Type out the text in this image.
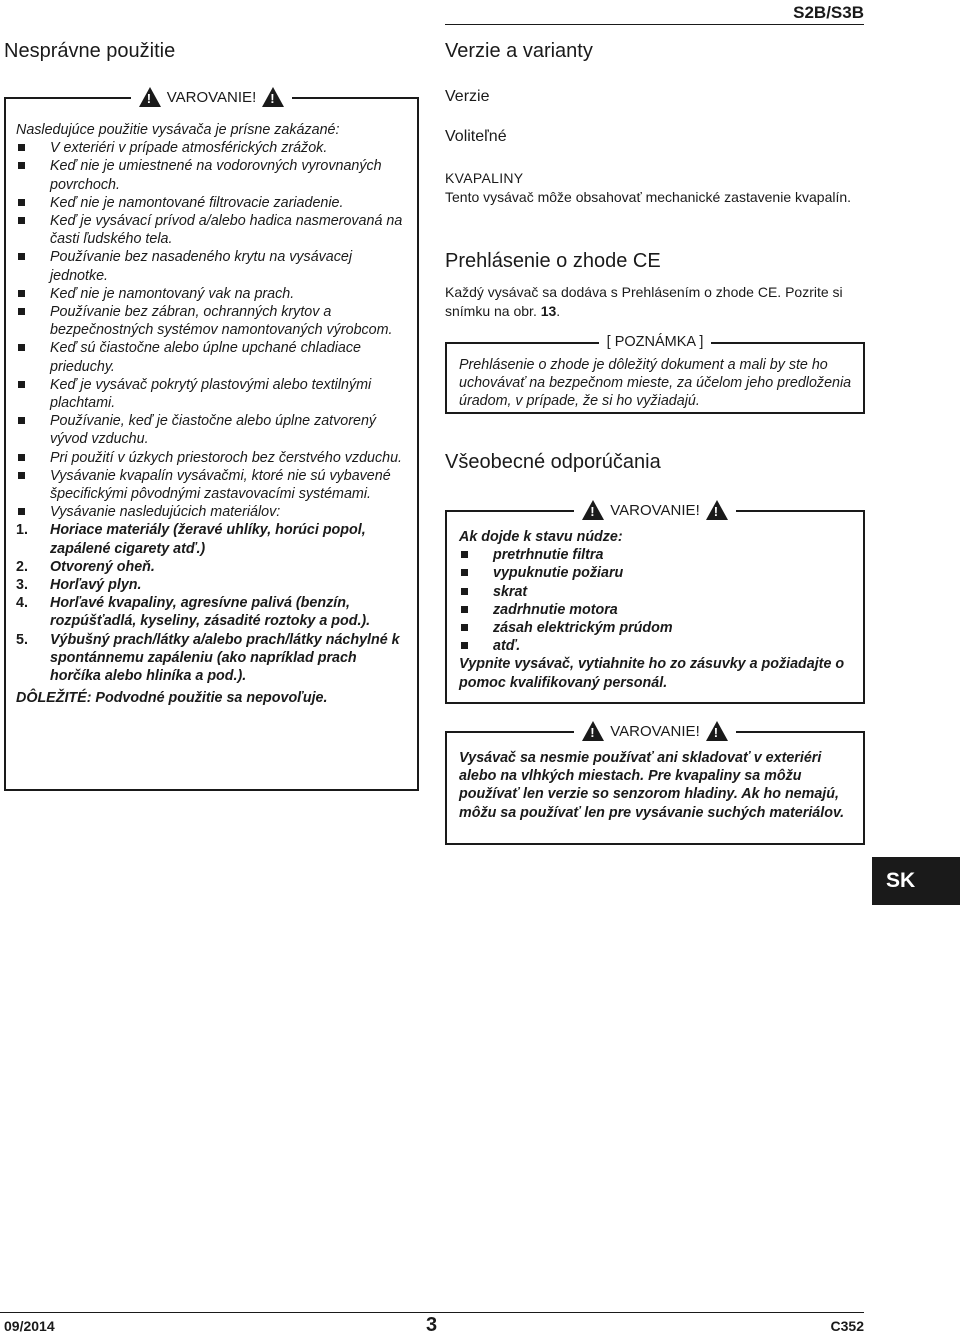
S2B/S3B
Nesprávne použitie	Verzie a varianty
!
VAROVANIE!
!

Nasledujúce použitie vysávača je prísne zakázané:

V exteriéri v prípade atmosférických zrážok.
Keď nie je umiestnené na vodorovných vyrovnaných povrchoch.
Keď nie je namontované filtrovacie zariadenie.
Keď je vysávací prívod a/alebo hadica nasmerovaná na časti ľudského tela.
Používanie bez nasadeného krytu na vysávacej jednotke.
Keď nie je namontovaný vak na prach.
Používanie bez zábran, ochranných krytov a bezpečnostných systémov namontovaných výrobcom.
Keď sú čiastočne alebo úplne upchané chladiace prieduchy.
Keď je vysávač pokrytý plastovými alebo textilnými plachtami.
Používanie, keď je čiastočne alebo úplne zatvorený vývod vzduchu.
Pri použití v úzkych priestoroch bez čerstvého vzduchu.
Vysávanie kvapalín vysávačmi, ktoré nie sú vybavené špecifickými pôvodnými zastavovacími systémami.
Vysávanie nasledujúcich materiálov:
1. Horiace materiály (žeravé uhlíky, horúci popol, zapálené cigarety atď.)
2. Otvorený oheň.
3. Horľavý plyn.
4. Horľavé kvapaliny, agresívne palivá (benzín, rozpúšťadlá, kyseliny, zásadité roztoky a pod.).
5. Výbušný prach/látky a/alebo prach/látky náchylné k spontánnemu zapáleniu (ako napríklad prach horčíka alebo hliníka a pod.).

DÔLEŽITÉ: Podvodné použitie sa nepovoľuje.

Verzie
Voliteľné
KVAPALINY
Tento vysávač môže obsahovať mechanické zastavenie kvapalín.
Prehlásenie o zhode CE
Každý vysávač sa dodáva s Prehlásením o zhode CE. Pozrite si snímku na obr. 13.
[ POZNÁMKA ]
Prehlásenie o zhode je dôležitý dokument a mali by ste ho uchovávať na bezpečnom mieste, za účelom jeho predloženia úradom, v prípade, že si ho vyžiadajú.
Všeobecné odporúčania
!
VAROVANIE!
!
Ak dojde k stavu núdze:
pretrhnutie filtra
vypuknutie požiaru
skrat
zadrhnutie motora
zásah elektrickým prúdom
atď.
Vypnite vysávač, vytiahnite ho zo zásuvky a požiadajte o pomoc kvalifikovaný personál.
!
VAROVANIE!
!
Vysávač sa nesmie používať ani skladovať v exteriéri alebo na vlhkých miestach. Pre kvapaliny sa môžu používať len verzie so senzorom hladiny. Ak ho nemajú, môžu sa používať len pre vysávanie suchých materiálov.
SK
09/2014	3	C352
